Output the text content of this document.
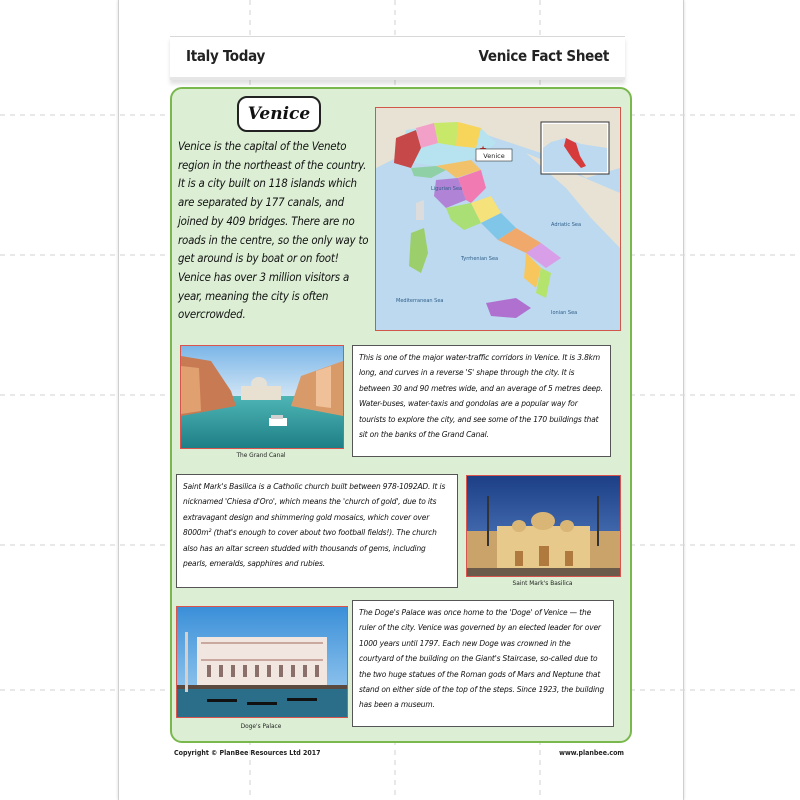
Italy Today	Venice Fact Sheet
Venice
Venice is the capital of the Veneto region in the northeast of the country. It is a city built on 118 islands which are separated by 177 canals, and joined by 409 bridges. There are no roads in the centre, so the only way to get around is by boat or on foot! Venice has over 3 million visitors a year, meaning the city is often overcrowded.
Venice
Ligurian Sea
Adriatic Sea
Tyrrhenian Sea
Mediterranean Sea
Ionian Sea
The Grand Canal
This is one of the major water-traffic corridors in Venice. It is 3.8km long, and curves in a reverse 'S' shape through the city. It is between 30 and 90 metres wide, and an average of 5 metres deep. Water-buses, water-taxis and gondolas are a popular way for tourists to explore the city, and see some of the 170 buildings that sit on the banks of the Grand Canal.
Saint Mark's Basilica is a Catholic church built between 978-1092AD. It is nicknamed 'Chiesa d'Oro', which means the 'church of gold', due to its extravagant design and shimmering gold mosaics, which cover over 8000m² (that's enough to cover about two football fields!). The church also has an altar screen studded with thousands of gems, including pearls, emeralds, sapphires and rubies.
Saint Mark's Basilica
Doge's Palace
The Doge's Palace was once home to the 'Doge' of Venice — the ruler of the city. Venice was governed by an elected leader for over 1000 years until 1797. Each new Doge was crowned in the courtyard of the building on the Giant's Staircase, so-called due to the two huge statues of the Roman gods of Mars and Neptune that stand on either side of the top of the steps. Since 1923, the building has been a museum.
Copyright © PlanBee Resources Ltd 2017	www.planbee.com
